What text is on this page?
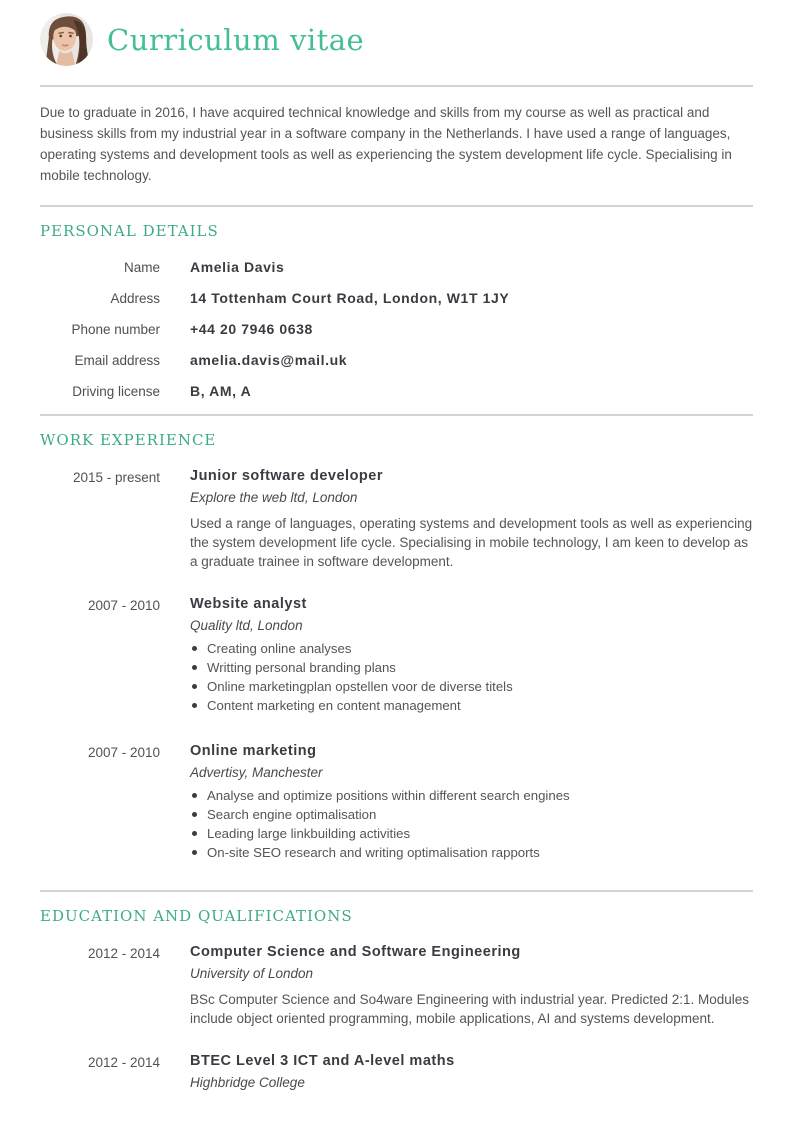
Curriculum vitae

Due to graduate in 2016, I have acquired technical knowledge and skills from my course as well as practical and business skills from my industrial year in a software company in the Netherlands. I have used a range of languages, operating systems and development tools as well as experiencing the system development life cycle. Specialising in mobile technology.

PERSONAL DETAILS
Name Amelia Davis
Address 14 Tottenham Court Road, London, W1T 1JY
Phone number +44 20 7946 0638
Email address amelia.davis@mail.uk
Driving license B, AM, A
WORK EXPERIENCE
2015 - present Junior software developer
Explore the web ltd, London
Used a range of languages, operating systems and development tools as well as experiencing the system development life cycle. Specialising in mobile technology, I am keen to develop as a graduate trainee in software development.
2007 - 2010 Website analyst
Quality ltd, London
Creating online analyses
Writting personal branding plans
Online marketingplan opstellen voor de diverse titels
Content marketing en content management
2007 - 2010 Online marketing
Advertisy, Manchester
Analyse and optimize positions within different search engines
Search engine optimalisation
Leading large linkbuilding activities
On-site SEO research and writing optimalisation rapports
EDUCATION AND QUALIFICATIONS
2012 - 2014 Computer Science and Software Engineering
University of London
BSc Computer Science and So4ware Engineering with industrial year. Predicted 2:1. Modules include object oriented programming, mobile applications, AI and systems development.
2012 - 2014 BTEC Level 3 ICT and A-level maths
Highbridge College
